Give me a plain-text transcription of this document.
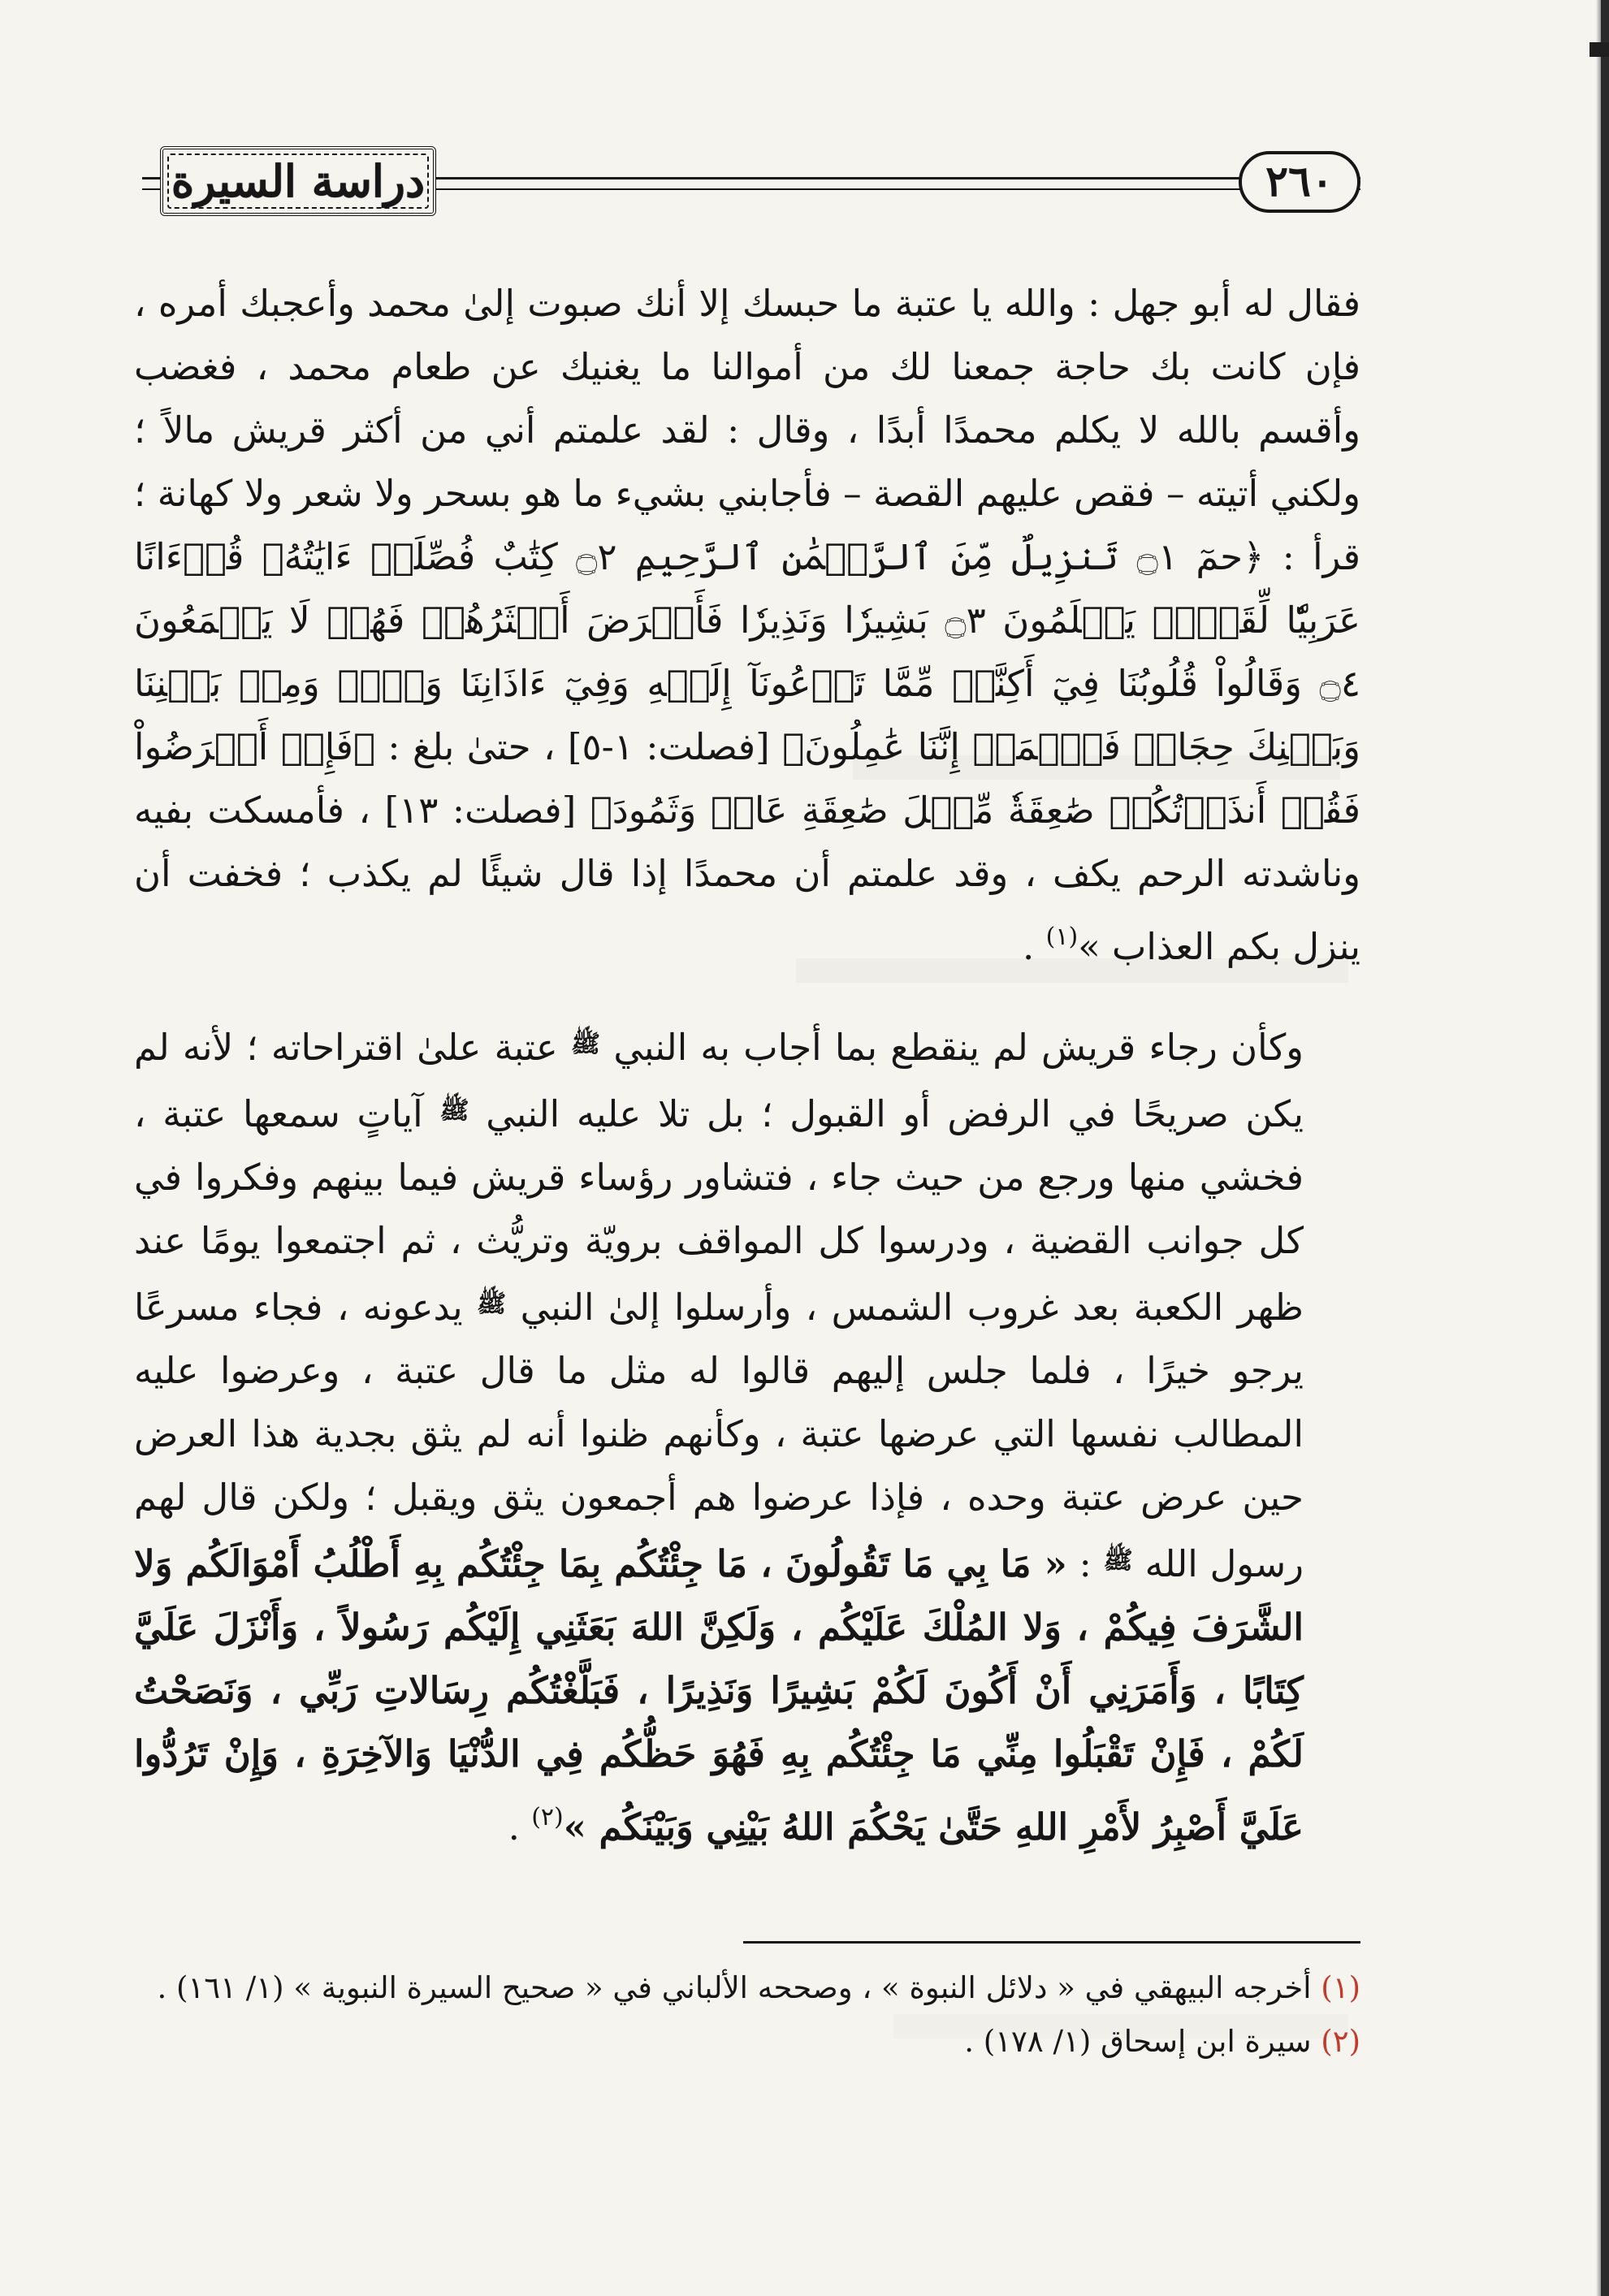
دراسة السيرة	٢٦٠

فقال له أبو جهل : والله يا عتبة ما حبسك إلا أنك صبوت إلىٰ محمد وأعجبك أمره ، فإن كانت بك حاجة جمعنا لك من أموالنا ما يغنيك عن طعام محمد ، فغضب وأقسم بالله لا يكلم محمدًا أبدًا ، وقال : لقد علمتم أني من أكثر قريش مالاً ؛ ولكني أتيته – فقص عليهم القصة – فأجابني بشيء ما هو بسحر ولا شعر ولا كهانة ؛ قرأ : ﴿حمٓ ۝١ تَنزِيلٌ مِّنَ ٱلرَّحۡمَٰنِ ٱلرَّحِيمِ ۝٢ كِتَٰبٌ فُصِّلَتۡ ءَايَٰتُهُۥ قُرۡءَانًا عَرَبِيّٗا لِّقَوۡمٖ يَعۡلَمُونَ ۝٣ بَشِيرٗا وَنَذِيرٗا فَأَعۡرَضَ أَكۡثَرُهُمۡ فَهُمۡ لَا يَسۡمَعُونَ ۝٤ وَقَالُواْ قُلُوبُنَا فِيٓ أَكِنَّةٖ مِّمَّا تَدۡعُونَآ إِلَيۡهِ وَفِيٓ ءَاذَانِنَا وَقۡرٞ وَمِنۢ بَيۡنِنَا وَبَيۡنِكَ حِجَابٞ فَٱعۡمَلۡ إِنَّنَا عَٰمِلُونَ﴾ [فصلت: ١-٥] ، حتىٰ بلغ : ﴿فَإِنۡ أَعۡرَضُواْ فَقُلۡ أَنذَرۡتُكُمۡ صَٰعِقَةٗ مِّثۡلَ صَٰعِقَةِ عَادٖ وَثَمُودَ﴾ [فصلت: ١٣] ، فأمسكت بفيه وناشدته الرحم يكف ، وقد علمتم أن محمدًا إذا قال شيئًا لم يكذب ؛ فخفت أن ينزل بكم العذاب »$^{(١)}$ .

وكأن رجاء قريش لم ينقطع بما أجاب به النبي $^ﷺ$ عتبة علىٰ اقتراحاته ؛ لأنه لم يكن صريحًا في الرفض أو القبول ؛ بل تلا عليه النبي $^ﷺ$ آياتٍ سمعها عتبة ، فخشي منها ورجع من حيث جاء ، فتشاور رؤساء قريش فيما بينهم وفكروا في كل جوانب القضية ، ودرسوا كل المواقف برويّة وتريُّث ، ثم اجتمعوا يومًا عند ظهر الكعبة بعد غروب الشمس ، وأرسلوا إلىٰ النبي $^ﷺ$ يدعونه ، فجاء مسرعًا يرجو خيرًا ، فلما جلس إليهم قالوا له مثل ما قال عتبة ، وعرضوا عليه المطالب نفسها التي عرضها عتبة ، وكأنهم ظنوا أنه لم يثق بجدية هذا العرض حين عرض عتبة وحده ، فإذا عرضوا هم أجمعون يثق ويقبل ؛ ولكن قال لهم رسول الله $^ﷺ$ : « مَا بِي مَا تَقُولُونَ ، مَا جِئْتُكُم بِمَا جِئْتُكُم بِهِ أَطْلُبُ أَمْوَالَكُم وَلا الشَّرَفَ فِيكُمْ ، وَلا المُلْكَ عَلَيْكُم ، وَلَكِنَّ اللهَ بَعَثَنِي إِلَيْكُم رَسُولاً ، وَأَنْزَلَ عَلَيَّ كِتَابًا ، وَأَمَرَنِي أَنْ أَكُونَ لَكُمْ بَشِيرًا وَنَذِيرًا ، فَبَلَّغْتُكُم رِسَالاتِ رَبِّي ، وَنَصَحْتُ لَكُمْ ، فَإِنْ تَقْبَلُوا مِنِّي مَا جِئْتُكُم بِهِ فَهُوَ حَظُّكُم فِي الدُّنْيَا وَالآخِرَةِ ، وَإِنْ تَرُدُّوا عَلَيَّ أَصْبِرُ لأَمْرِ اللهِ حَتَّىٰ يَحْكُمَ اللهُ بَيْنِي وَبَيْنَكُم »$^{(٢)}$ .

(١) أخرجه البيهقي في « دلائل النبوة » ، وصححه الألباني في « صحيح السيرة النبوية » (١/ ١٦١) .
(٢) سيرة ابن إسحاق (١/ ١٧٨) .
